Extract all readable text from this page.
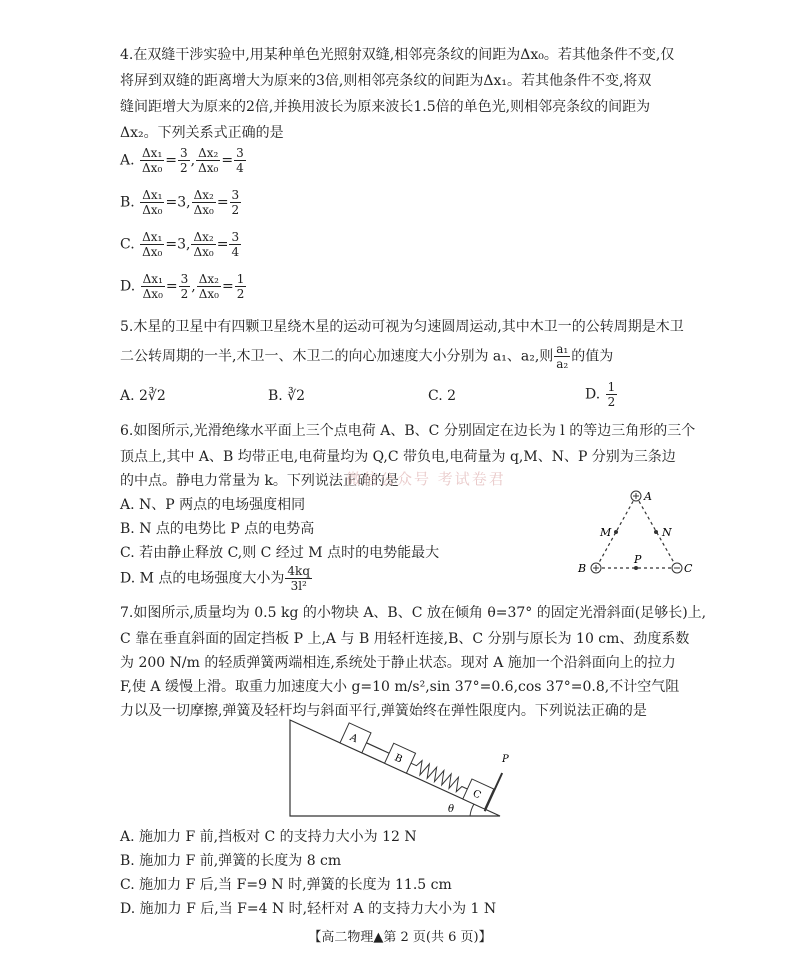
4.在双缝干涉实验中,用某种单色光照射双缝,相邻亮条纹的间距为Δx₀。若其他条件不变,仅
将屏到双缝的距离增大为原来的3倍,则相邻亮条纹的间距为Δx₁。若其他条件不变,将双
缝间距增大为原来的2倍,并换用波长为原来波长1.5倍的单色光,则相邻亮条纹的间距为
Δx₂。下列关系式正确的是
A. $\frac{\text{Δx₁}}{\text{Δx₀}} = \frac{3}{2}$ , $\frac{\text{Δx₂}}{\text{Δx₀}} = \frac{3}{4}$
B. $\frac{\text{Δx₁}}{\text{Δx₀}} =3$, $\frac{\text{Δx₂}}{\text{Δx₀}} = \frac{3}{2}$
C. $\frac{\text{Δx₁}}{\text{Δx₀}} =3$, $\frac{\text{Δx₂}}{\text{Δx₀}} = \frac{3}{4}$
D. $\frac{\text{Δx₁}}{\text{Δx₀}} = \frac{3}{2}$ , $\frac{\text{Δx₂}}{\text{Δx₀}} = \frac{1}{2}$
5.木星的卫星中有四颗卫星绕木星的运动可视为匀速圆周运动,其中木卫一的公转周期是木卫
二公转周期的一半,木卫一、木卫二的向心加速度大小分别为 a₁、a₂,则 $\frac{\text{a₁}}{\text{a₂}}$ 的值为
A. 2∛2	B. ∛2	C. 2	D. $\frac{1}{2}$
6.如图所示,光滑绝缘水平面上三个点电荷 A、B、C 分别固定在边长为 l 的等边三角形的三个
顶点上,其中 A、B 均带正电,电荷量均为 Q,C 带负电,电荷量为 q,M、N、P 分别为三条边
的中点。静电力常量为 k。下列说法正确的是
微信公众号 考试卷君
A. N、P 两点的电场强度相同
B. N 点的电势比 P 点的电势高
C. 若由静止释放 C,则 C 经过 M 点时的电势能最大
D. M 点的电场强度大小为 $\frac{4kq}{\text{3l²}}$
A
B	C
M	N
P
7.如图所示,质量均为 0.5 kg 的小物块 A、B、C 放在倾角 θ=37° 的固定光滑斜面(足够长)上,
C 靠在垂直斜面的固定挡板 P 上,A 与 B 用轻杆连接,B、C 分别与原长为 10 cm、劲度系数
为 200 N/m 的轻质弹簧两端相连,系统处于静止状态。现对 A 施加一个沿斜面向上的拉力
F,使 A 缓慢上滑。取重力加速度大小 g=10 m/s²,sin 37°=0.6,cos 37°=0.8,不计空气阻
力以及一切摩擦,弹簧及轻杆均与斜面平行,弹簧始终在弹性限度内。下列说法正确的是
A
B
C
P
θ
A. 施加力 F 前,挡板对 C 的支持力大小为 12 N
B. 施加力 F 前,弹簧的长度为 8 cm
C. 施加力 F 后,当 F=9 N 时,弹簧的长度为 11.5 cm
D. 施加力 F 后,当 F=4 N 时,轻杆对 A 的支持力大小为 1 N
【高二物理▲第 2 页(共 6 页)】
